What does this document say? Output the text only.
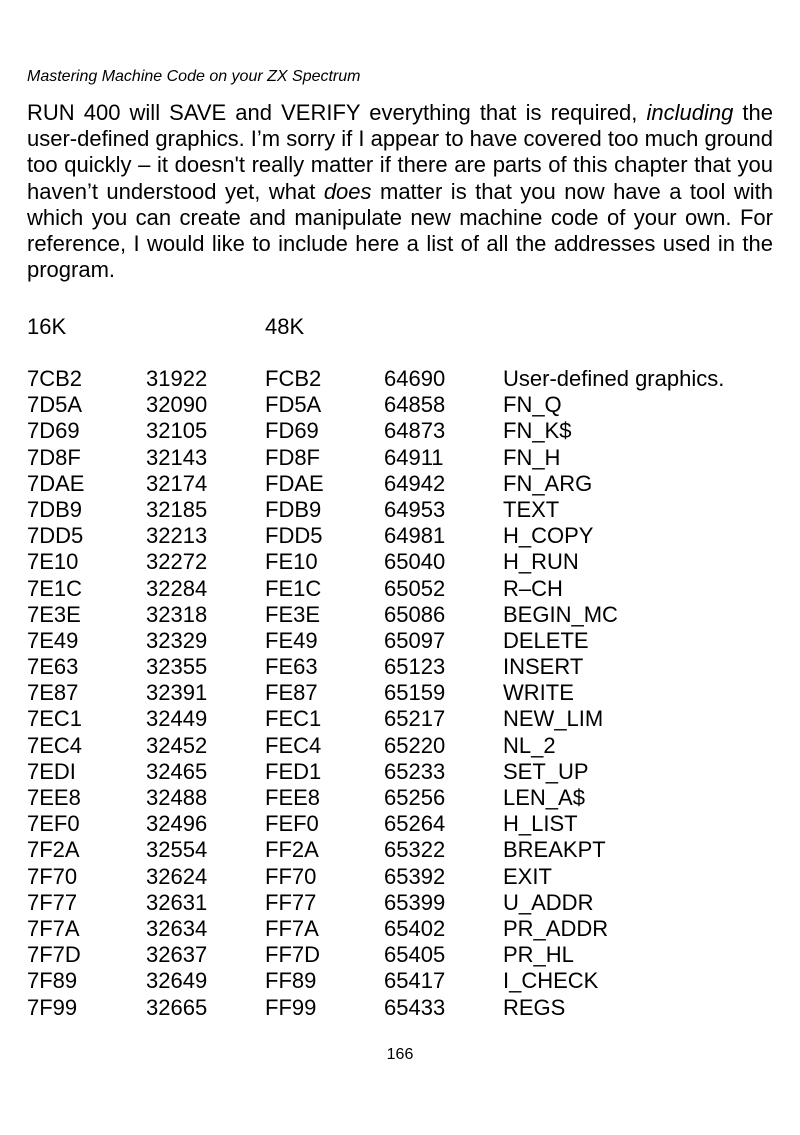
Mastering Machine Code on your ZX Spectrum
RUN 400 will SAVE and VERIFY everything that is required, including the user-defined graphics. I’m sorry if I appear to have covered too much ground too quickly – it doesn't really matter if there are parts of this chapter that you haven’t understood yet, what does matter is that you now have a tool with which you can create and manipulate new machine code of your own. For reference, I would like to include here a list of all the addresses used in the program.
16K	48K
7CB2	31922	FCB2	64690	User-defined graphics.
7D5A	32090	FD5A	64858	FN_Q
7D69	32105	FD69	64873	FN_K$
7D8F	32143	FD8F	64911	FN_H
7DAE	32174	FDAE	64942	FN_ARG
7DB9	32185	FDB9	64953	TEXT
7DD5	32213	FDD5	64981	H_COPY
7E10	32272	FE10	65040	H_RUN
7E1C	32284	FE1C	65052	R–CH
7E3E	32318	FE3E	65086	BEGIN_MC
7E49	32329	FE49	65097	DELETE
7E63	32355	FE63	65123	INSERT
7E87	32391	FE87	65159	WRITE
7EC1	32449	FEC1	65217	NEW_LIM
7EC4	32452	FEC4	65220	NL_2
7EDI	32465	FED1	65233	SET_UP
7EE8	32488	FEE8	65256	LEN_A$
7EF0	32496	FEF0	65264	H_LIST
7F2A	32554	FF2A	65322	BREAKPT
7F70	32624	FF70	65392	EXIT
7F77	32631	FF77	65399	U_ADDR
7F7A	32634	FF7A	65402	PR_ADDR
7F7D	32637	FF7D	65405	PR_HL
7F89	32649	FF89	65417	I_CHECK
7F99	32665	FF99	65433	REGS
166
